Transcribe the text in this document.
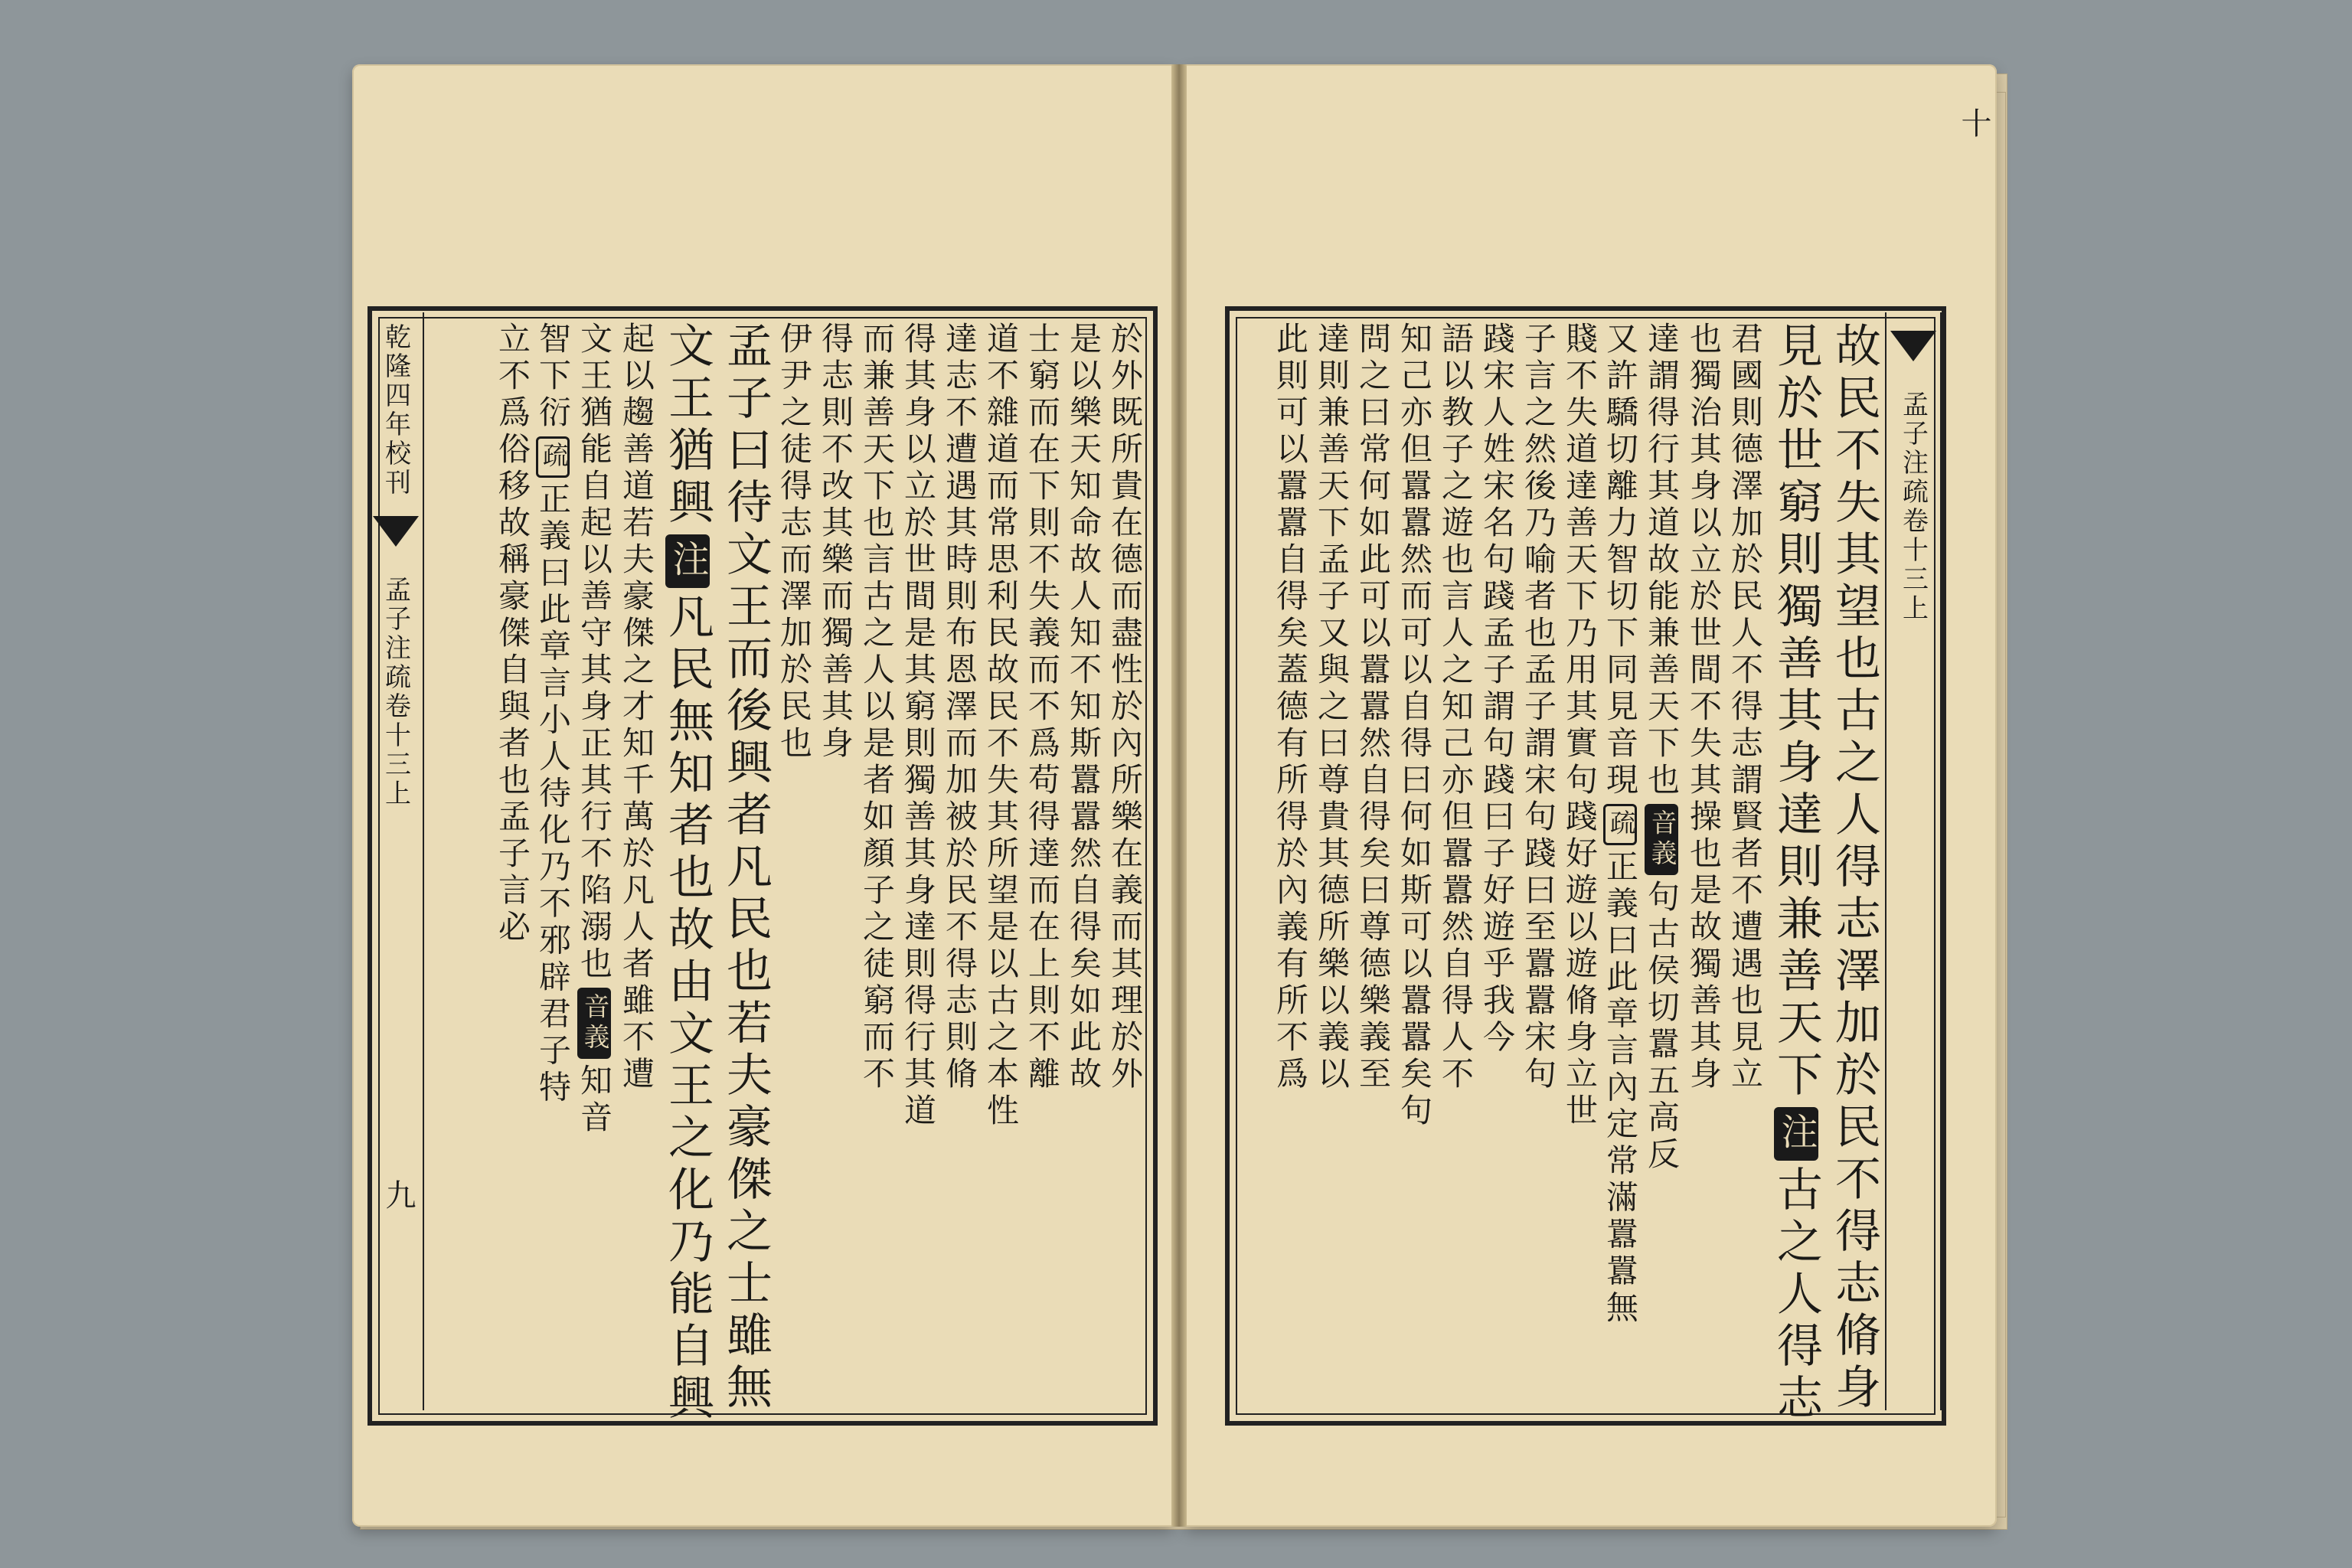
乾隆四年校刊
孟子注疏卷十三上
九
於外既所貴在德而盡性於內所樂在義而其理於外
是以樂天知命故人知不知斯囂囂然自得矣如此故
士窮而在下則不失義而不爲苟得達而在上則不離
道不雜道而常思利民故民不失其所望是以古之本性
達志不遭遇其時則布恩澤而加被於民不得志則脩
得其身以立於世間是其窮則獨善其身達則得行其道
而兼善天下也言古之人以是者如顏子之徒窮而不
得志則不改其樂而獨善其身
伊尹之徒得志而澤加於民也
孟子曰待文王而後興者凡民也若夫豪傑之士雖無
文王猶興注凡民無知者也故由文王之化乃能自興
起以趨善道若夫豪傑之才知千萬於凡人者雖不遭
文王猶能自起以善守其身正其行不陷溺也音義知音
智下衍疏正義曰此章言小人待化乃不邪辟君子特
立不爲俗移故稱豪傑自與者也孟子言必	孟子注疏卷十三上
十
故民不失其望也古之人得志澤加於民不得志脩身
見於世窮則獨善其身達則兼善天下注古之人得志
君國則德澤加於民人不得志謂賢者不遭遇也見立
也獨治其身以立於世間不失其操也是故獨善其身
達謂得行其道故能兼善天下也音義句古侯切囂五高反
又許驕切離力智切下同見音現疏正義曰此章言內定常滿囂囂無
賤不失道達善天下乃用其實句踐好遊以遊脩身立世
子言之然後乃喻者也孟子謂宋句踐曰至囂囂宋句
踐宋人姓宋名句踐孟子謂句踐曰子好遊乎我今
語以教子之遊也言人之知己亦但囂囂然自得人不
知己亦但囂囂然而可以自得曰何如斯可以囂囂矣句
問之曰常何如此可以囂囂然自得矣曰尊德樂義至
達則兼善天下孟子又與之曰尊貴其德所樂以義以
此則可以囂囂自得矣蓋德有所得於內義有所不爲
